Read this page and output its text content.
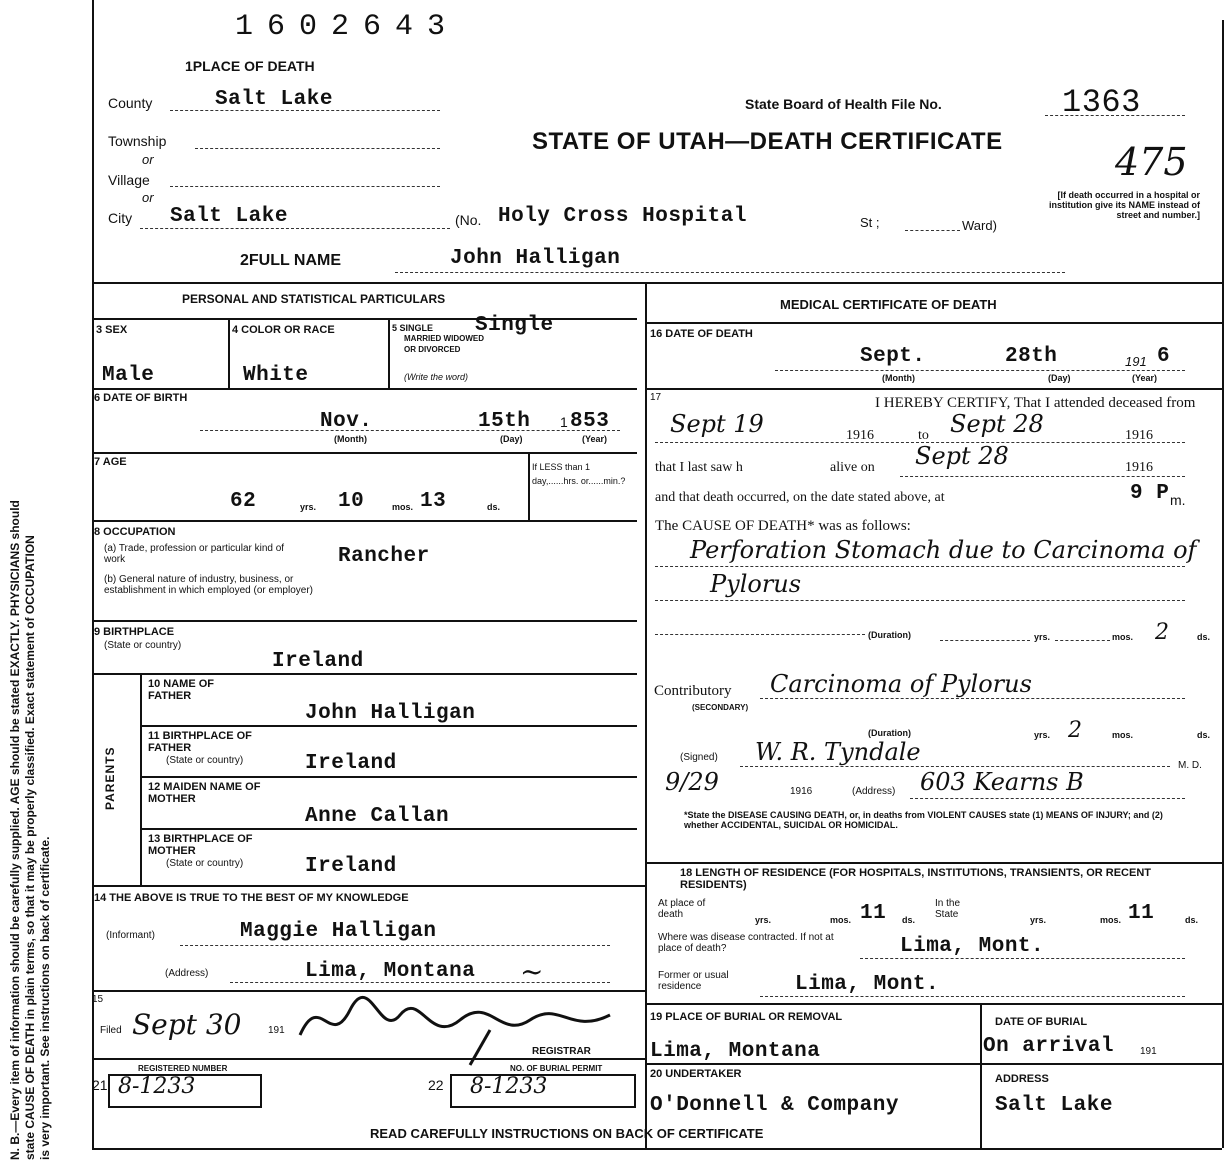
N. B.—Every item of information should be carefully supplied. AGE should be stated EXACTLY. PHYSICIANS should state CAUSE OF DEATH in plain terms, so that it may be properly classified. Exact statement of OCCUPATION is very important. See instructions on back of certificate.
1602643
1PLACE OF DEATH
County	Salt Lake
Township
or
Village
or
City Salt Lake	(No. Holy Cross Hospital	St ;	Ward)
[If death occurred in a hospital or institution give its NAME instead of street and number.]
State Board of Health File No.	1363
475
STATE OF UTAH—DEATH CERTIFICATE
2FULL NAME	John Halligan
PERSONAL AND STATISTICAL PARTICULARS
3 SEX
Male
4 COLOR OR RACE
White
5 SINGLE
MARRIED WIDOWED OR DIVORCED
(Write the word)
Single
6 DATE OF BIRTH
Nov.	15th 1 853
(Month)	(Day)	(Year)
7 AGE
62	yrs. 10	mos. 13	ds.
If LESS than 1 day,......hrs. or......min.?
8 OCCUPATION
(a) Trade, profession or particular kind of work	Rancher
(b) General nature of industry, business, or establishment in which employed (or employer)
9 BIRTHPLACE
(State or country)
Ireland
PARENTS
10 NAME OF FATHER
John Halligan
11 BIRTHPLACE OF FATHER
(State or country)	Ireland
12 MAIDEN NAME OF MOTHER
Anne Callan
13 BIRTHPLACE OF MOTHER
(State or country)	Ireland
14 THE ABOVE IS TRUE TO THE BEST OF MY KNOWLEDGE
(Informant)	Maggie Halligan
(Address)	Lima, Montana ~
15
Filed Sept 30	191
REGISTRAR
REGISTERED NUMBER
21 8-1233
NO. OF BURIAL PERMIT
22 8-1233
MEDICAL CERTIFICATE OF DEATH
16 DATE OF DEATH
Sept.	28th	191 6
(Month)	(Day)	(Year)
17	I HEREBY CERTIFY, That I attended deceased from
Sept 19	1916	to Sept 28	1916
that I last saw h	alive on Sept 28	1916
and that death occurred, on the date stated above, at	9 P m.
The CAUSE OF DEATH* was as follows:
Perforation Stomach due to Carcinoma of
Pylorus
(Duration)	yrs.	mos. 2	ds.
Contributory
(SECONDARY)
Carcinoma of Pylorus
(Duration)	yrs. 2	mos.	ds.
(Signed) W. R. Tyndale	M. D.
9/29	1916	(Address) 603 Kearns B
*State the DISEASE CAUSING DEATH, or, in deaths from VIOLENT CAUSES state (1) MEANS OF INJURY; and (2) whether ACCIDENTAL, SUICIDAL OR HOMICIDAL.
18 LENGTH OF RESIDENCE (FOR HOSPITALS, INSTITUTIONS, TRANSIENTS, OR RECENT RESIDENTS)
At place of death	yrs.	mos. 11 ds.
In the State	yrs.	mos. 11	ds.
Where was disease contracted. If not at place of death?	Lima, Mont.
Former or usual residence	Lima, Mont.
19 PLACE OF BURIAL OR REMOVAL
Lima, Montana
DATE OF BURIAL
On arrival	191
20 UNDERTAKER
O'Donnell & Company
ADDRESS
Salt Lake
READ CAREFULLY INSTRUCTIONS ON BACK OF CERTIFICATE
